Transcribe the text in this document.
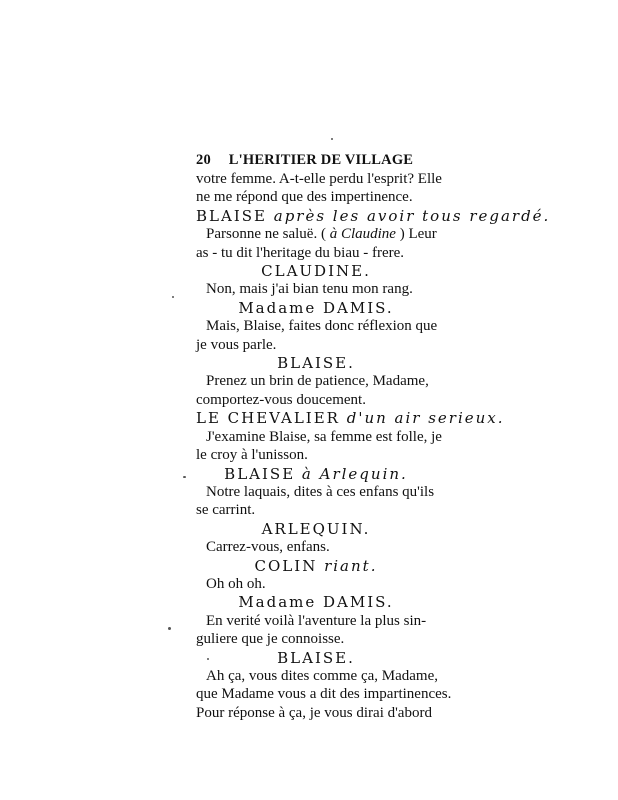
20 L'HERITIER DE VILLAGE
votre femme. A-t-elle perdu l'esprit? Elle
ne me répond que des impertinence.
BLAISE après les avoir tous regardé.
Parsonne ne saluë. ( à Claudine ) Leur
as - tu dit l'heritage du biau - frere.
CLAUDINE.
Non, mais j'ai bian tenu mon rang.
Madame DAMIS.
Mais, Blaise, faites donc réflexion que
je vous parle.
BLAISE.
Prenez un brin de patience, Madame,
comportez-vous doucement.
LE CHEVALIER d'un air serieux.
J'examine Blaise, sa femme est folle, je
le croy à l'unisson.
BLAISE à Arlequin.
Notre laquais, dites à ces enfans qu'ils
se carrint.
ARLEQUIN.
Carrez-vous, enfans.
COLIN riant.
Oh oh oh.
Madame DAMIS.
En verité voilà l'aventure la plus sin-
guliere que je connoisse.
BLAISE.
Ah ça, vous dites comme ça, Madame,
que Madame vous a dit des impartinences.
Pour réponse à ça, je vous dirai d'abord
